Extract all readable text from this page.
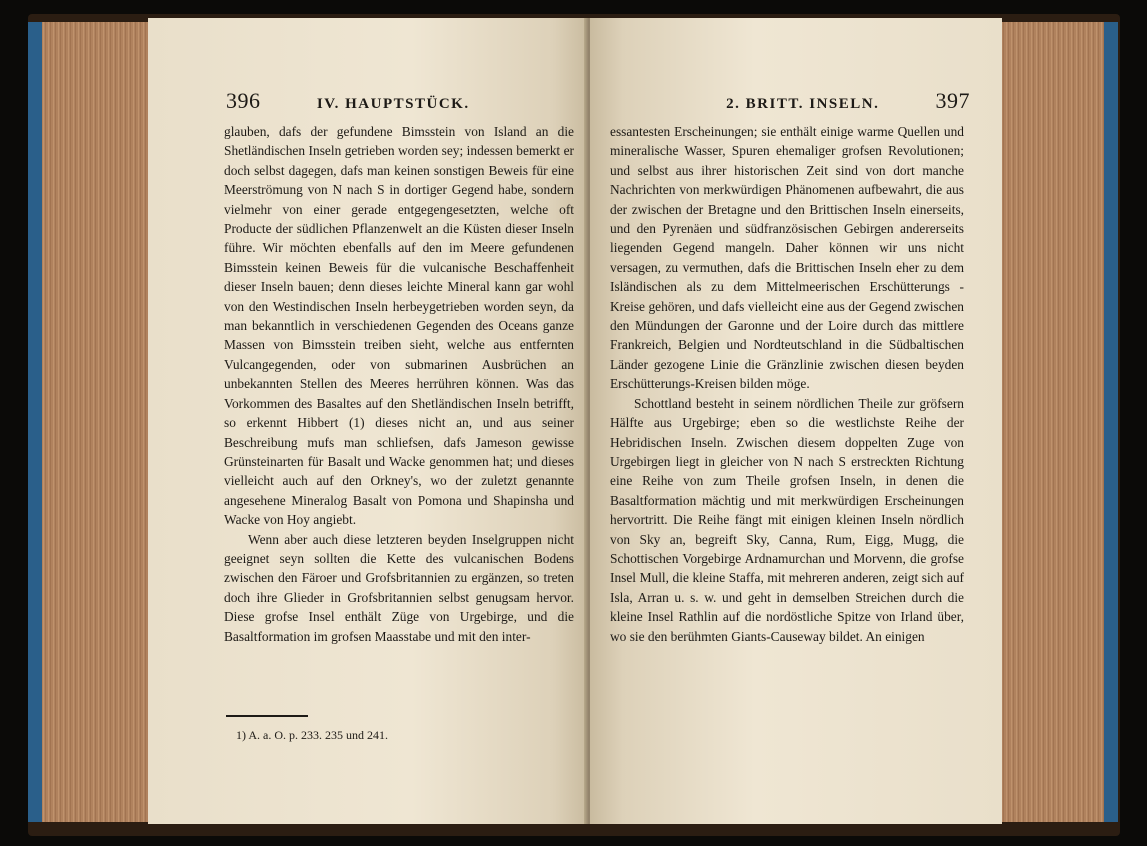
396	IV. HAUPTSTÜCK.

glauben, dafs der gefundene Bimsstein von Island an die Shetländischen Inseln getrieben worden sey; indessen bemerkt er doch selbst dagegen, dafs man keinen sonstigen Beweis für eine Meerströmung von N nach S in dortiger Gegend habe, sondern vielmehr von einer gerade entgegengesetzten, welche oft Producte der südlichen Pflanzenwelt an die Küsten dieser Inseln führe. Wir möchten ebenfalls auf den im Meere gefundenen Bimsstein keinen Beweis für die vulcanische Beschaffenheit dieser Inseln bauen; denn dieses leichte Mineral kann gar wohl von den Westindischen Inseln herbeygetrieben worden seyn, da man bekanntlich in verschiedenen Gegenden des Oceans ganze Massen von Bimsstein treiben sieht, welche aus entfernten Vulcangegenden, oder von submarinen Ausbrüchen an unbekannten Stellen des Meeres herrühren können. Was das Vorkommen des Basaltes auf den Shetländischen Inseln betrifft, so erkennt Hibbert (1) dieses nicht an, und aus seiner Beschreibung mufs man schliefsen, dafs Jameson gewisse Grünsteinarten für Basalt und Wacke genommen hat; und dieses vielleicht auch auf den Orkney's, wo der zuletzt genannte angesehene Mineralog Basalt von Pomona und Shapinsha und Wacke von Hoy angiebt.

Wenn aber auch diese letzteren beyden Inselgruppen nicht geeignet seyn sollten die Kette des vulcanischen Bodens zwischen den Färoer und Grofsbritannien zu ergänzen, so treten doch ihre Glieder in Grofsbritannien selbst genugsam hervor. Diese grofse Insel enthält Züge von Urgebirge, und die Basaltformation im grofsen Maasstabe und mit den inter-

1) A. a. O. p. 233. 235 und 241.
2. BRITT. INSELN.	397

essantesten Erscheinungen; sie enthält einige warme Quellen und mineralische Wasser, Spuren ehemaliger grofsen Revolutionen; und selbst aus ihrer historischen Zeit sind von dort manche Nachrichten von merkwürdigen Phänomenen aufbewahrt, die aus der zwischen der Bretagne und den Brittischen Inseln einerseits, und den Pyrenäen und südfranzösischen Gebirgen andererseits liegenden Gegend mangeln. Daher können wir uns nicht versagen, zu vermuthen, dafs die Brittischen Inseln eher zu dem Isländischen als zu dem Mittelmeerischen Erschütterungs - Kreise gehören, und dafs vielleicht eine aus der Gegend zwischen den Mündungen der Garonne und der Loire durch das mittlere Frankreich, Belgien und Nordteutschland in die Südbaltischen Länder gezogene Linie die Gränzlinie zwischen diesen beyden Erschütterungs-Kreisen bilden möge.

Schottland besteht in seinem nördlichen Theile zur gröfsern Hälfte aus Urgebirge; eben so die westlichste Reihe der Hebridischen Inseln. Zwischen diesem doppelten Zuge von Urgebirgen liegt in gleicher von N nach S erstreckten Richtung eine Reihe von zum Theile grofsen Inseln, in denen die Basaltformation mächtig und mit merkwürdigen Erscheinungen hervortritt. Die Reihe fängt mit einigen kleinen Inseln nördlich von Sky an, begreift Sky, Canna, Rum, Eigg, Mugg, die Schottischen Vorgebirge Ardnamurchan und Morvenn, die grofse Insel Mull, die kleine Staffa, mit mehreren anderen, zeigt sich auf Isla, Arran u. s. w. und geht in demselben Streichen durch die kleine Insel Rathlin auf die nordöstliche Spitze von Irland über, wo sie den berühmten Giants-Causeway bildet. An einigen
